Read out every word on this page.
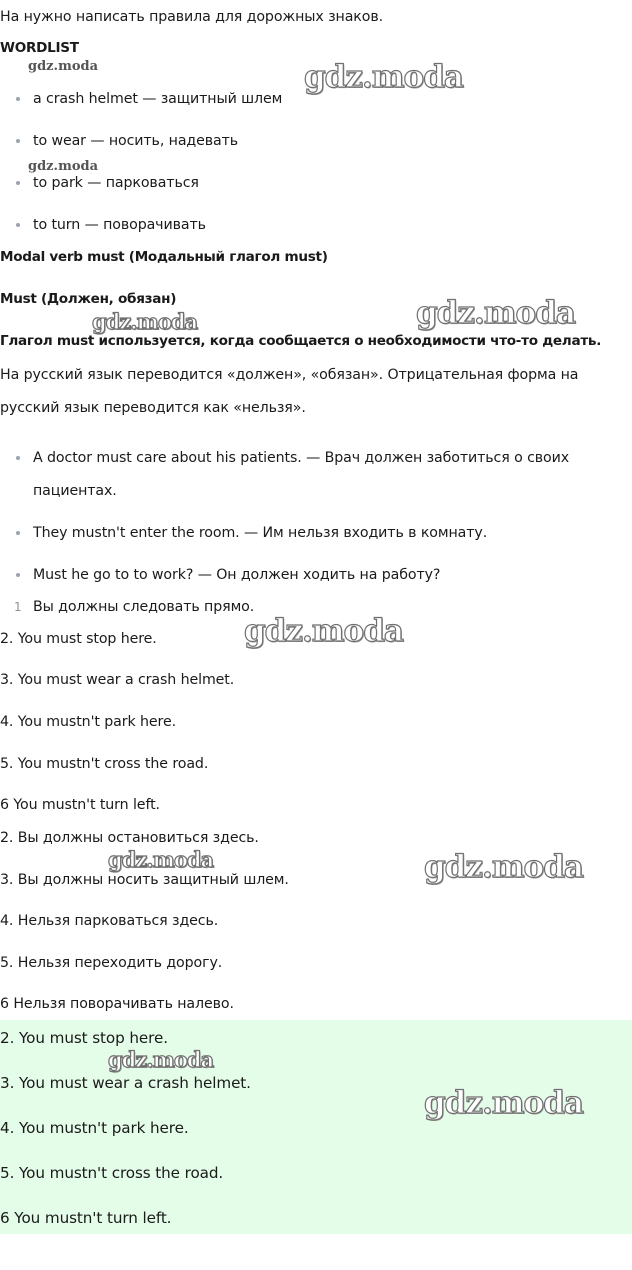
На нужно написать правила для дорожных знаков.
WORDLIST
a crash helmet — защитный шлем
to wear — носить, надевать
to park — парковаться
to turn — поворачивать
Modal verb must (Модальный глагол must)
Must (Должен, обязан)
Глагол must используется, когда сообщается о необходимости что-то делать.
На русский язык переводится «должен», «обязан». Отрицательная форма на
русский язык переводится как «нельзя».
A doctor must care about his patients. — Врач должен заботиться о своих
пациентах.
They mustn't enter the room. — Им нельзя входить в комнату.
Must he go to to work? — Он должен ходить на работу?
1 Вы должны следовать прямо.
2. You must stop here.
3. You must wear a crash helmet.
4. You mustn't park here.
5. You mustn't cross the road.
6 You mustn't turn left.
2. Вы должны остановиться здесь.
3. Вы должны носить защитный шлем.
4. Нельзя парковаться здесь.
5. Нельзя переходить дорогу.
6 Нельзя поворачивать налево.
2. You must stop here.
3. You must wear a crash helmet.
4. You mustn't park here.
5. You mustn't cross the road.
6 You mustn't turn left.
gdz.moda	gdz.moda
gdz.moda
gdz.moda	gdz.moda
gdz.moda
gdz.moda	gdz.moda
gdz.moda
gdz.moda
